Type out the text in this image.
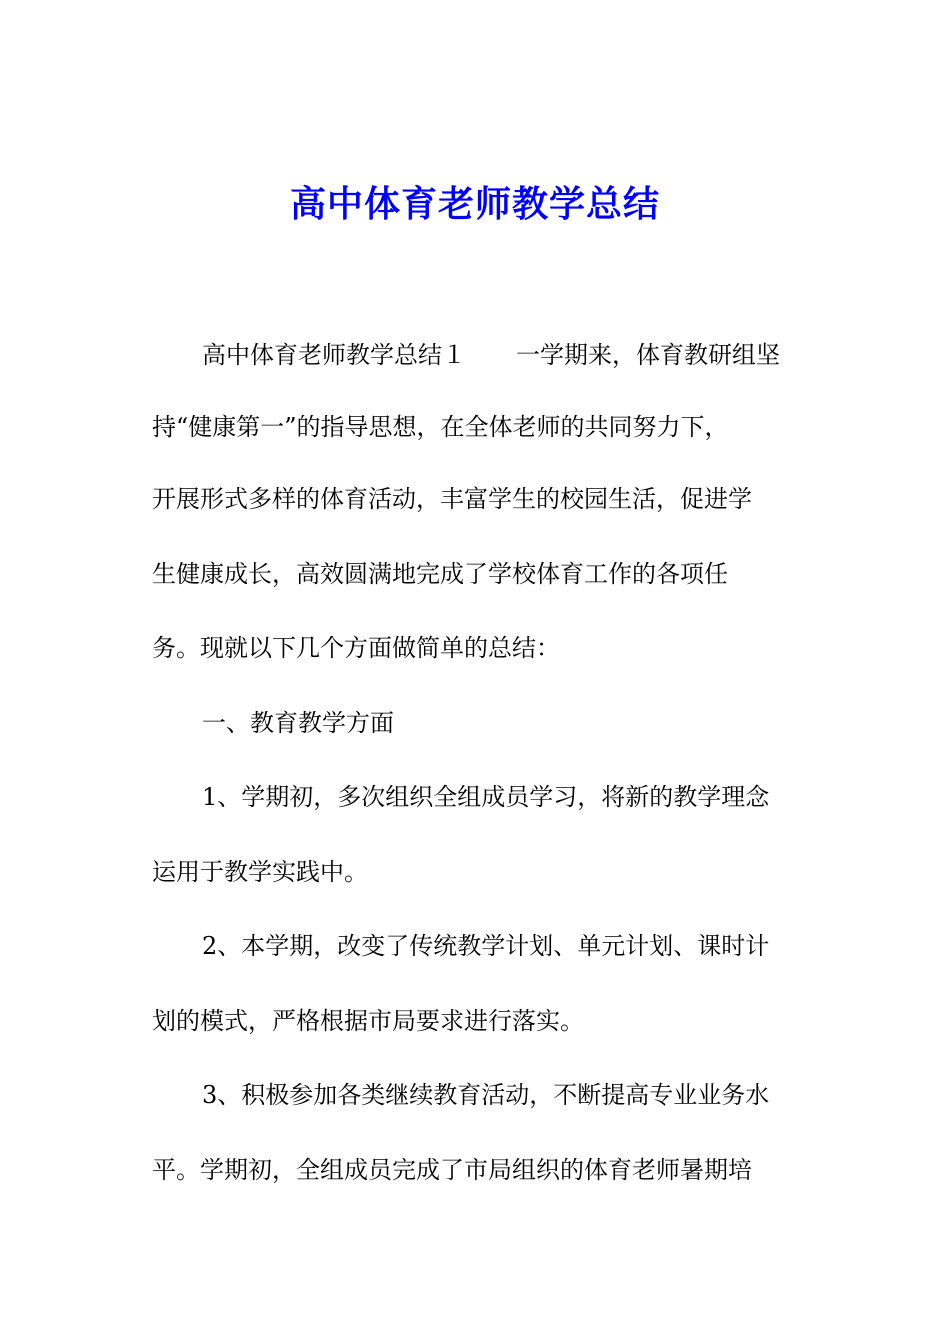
高中体育老师教学总结

高中体育老师教学总结１ 一学期来，体育教研组坚

持“健康第一”的指导思想，在全体老师的共同努力下，

开展形式多样的体育活动，丰富学生的校园生活，促进学

生健康成长，高效圆满地完成了学校体育工作的各项任

务。现就以下几个方面做简单的总结：

一、教育教学方面

1、学期初，多次组织全组成员学习，将新的教学理念

运用于教学实践中。

2、本学期，改变了传统教学计划、单元计划、课时计

划的模式，严格根据市局要求进行落实。

3、积极参加各类继续教育活动，不断提高专业业务水

平。学期初，全组成员完成了市局组织的体育老师暑期培
